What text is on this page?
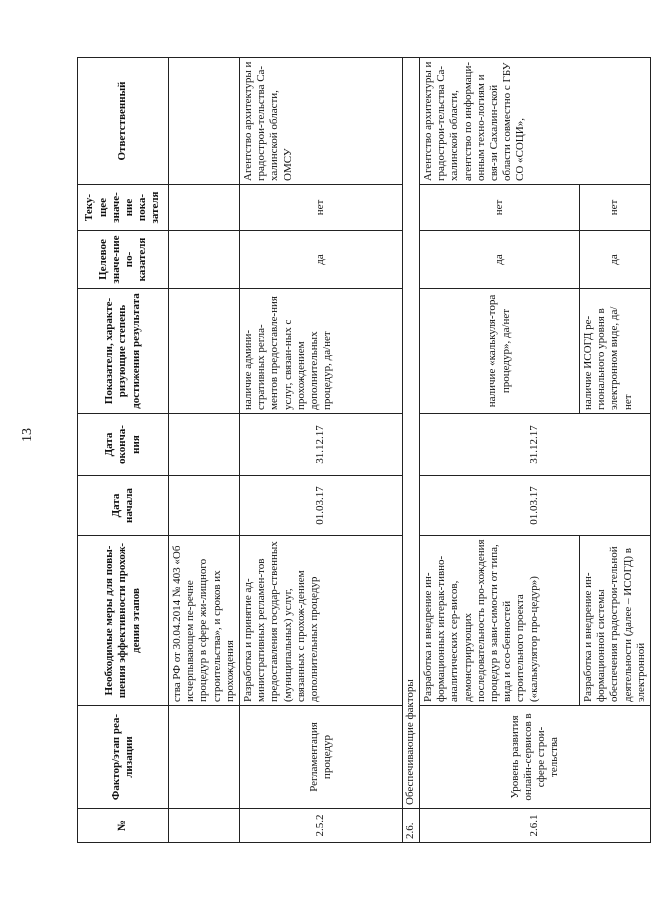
13
№	Фактор/этап реа-лизации	Необходимые меры для повы-шения эффективности прохож-дения этапов	Дата начала	Дата оконча-ния	Показатели, характе-ризующие степень достижения результата	Целевое значе-ние по-казателя	Теку-щее значе-ние пока-зателя	Ответственный
		ства РФ от 30.04.2014 № 403 «Об исчерпывающем пе-речне процедур в сфере жи-лищного строительства», и сроков их прохождения						
2.5.2	Регламентация процедур	Разработка и принятие ад-министративных регламен-тов предоставления государ-ственных (муниципальных) услуг, связанных с прохож-дением дополнительных процедур	01.03.17	31.12.17	наличие админи-стративных регла-ментов предоставле-ния услуг, связан-ных с прохождением дополнительных процедур, да/нет	да	нет	Агентство архитектуры и градострои-тельства Са-халинской области, ОМСУ
2.6.	Обеспечивающие факторы							
2.6.1	Уровень развития онлайн-сервисов в сфере строи-тельства	Разработка и внедрение ин-формационных интерак-тивно-аналитических сер-висов, демонстрирующих последовательность про-хождения процедур в зави-симости от типа, вида и осо-бенностей строительного проекта («калькулятор про-цедур»)	01.03.17	31.12.17	наличие «калькуля-тора процедур», да/нет	да	нет	Агентство архитектуры и градострои-тельства Са-халинской области, агентство по информаци-онным техно-логиям и свя-зи Сахалин-ской области совместно с ГБУ СО «СОЦИ»,
		Разработка и внедрение ин-формационной системы обеспечения градострои-тельной деятельности (далее – ИСОГД) в электронной			наличие ИСОГД ре-гионального уровня в электронном виде, да/нет	да	нет	
